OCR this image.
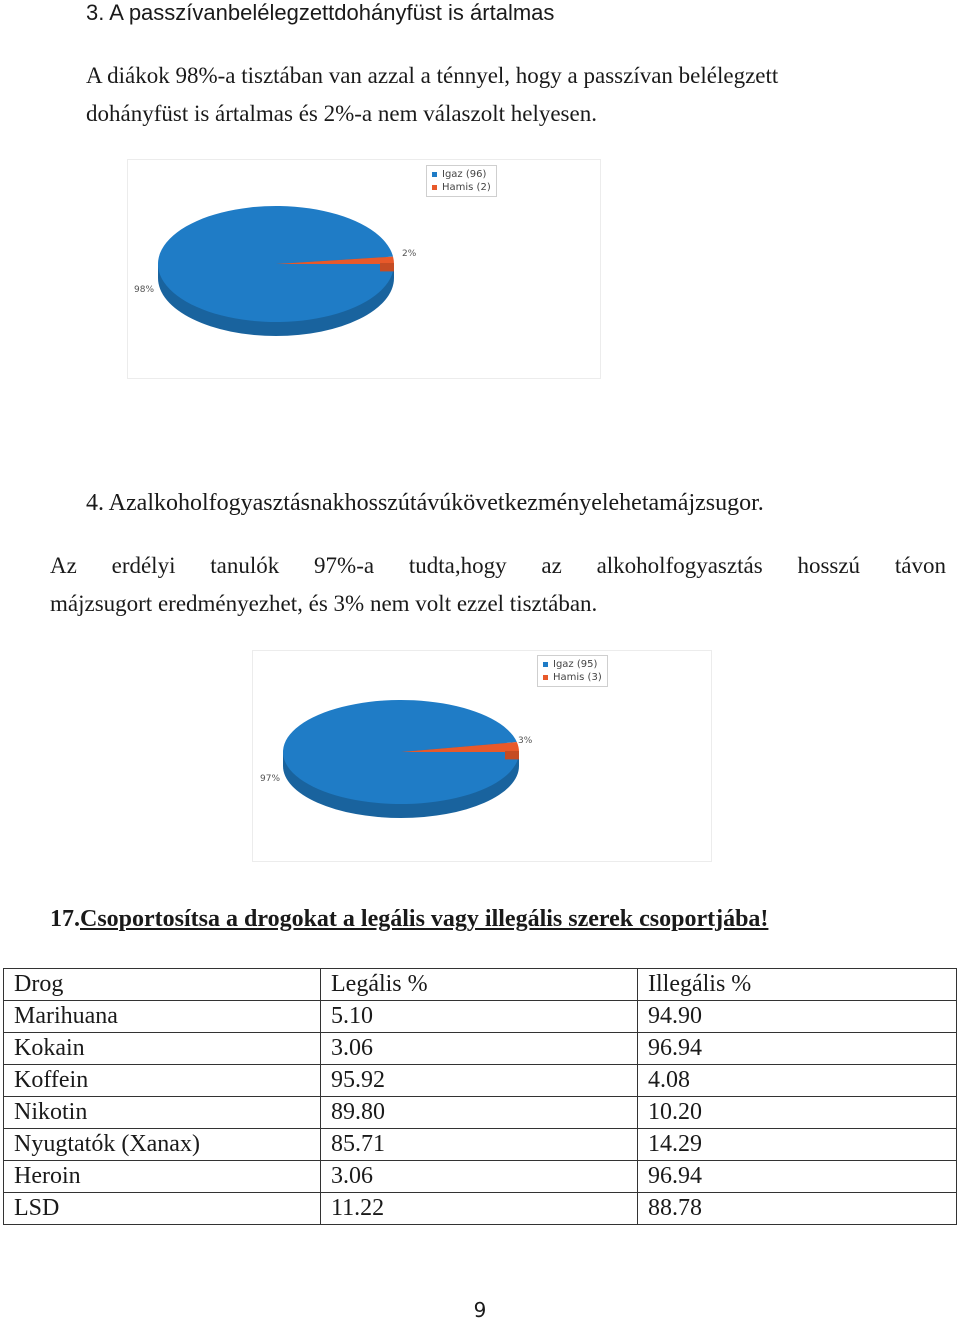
3. A passzívanbelélegzettdohányfüst is ártalmas
A diákok 98%-a tisztában van azzal a ténnyel, hogy a passzívan belélegzett
dohányfüst is ártalmas és 2%-a nem válaszolt helyesen.
Igaz (96)
Hamis (2)
98%
2%
4. Azalkoholfogyasztásnakhosszútávúkövetkezményelehetamájzsugor.
Az erdélyi tanulók 97%-a tudta,hogy az alkoholfogyasztás hosszú távon
májzsugort eredményezhet, és 3% nem volt ezzel tisztában.
Igaz (95)
Hamis (3)
97%
3%
17.Csoportosítsa a drogokat a legális vagy illegális szerek csoportjába!
Drog	Legális %	Illegális %
Marihuana	5.10	94.90
Kokain	3.06	96.94
Koffein	95.92	4.08
Nikotin	89.80	10.20
Nyugtatók (Xanax)	85.71	14.29
Heroin	3.06	96.94
LSD	11.22	88.78
9
